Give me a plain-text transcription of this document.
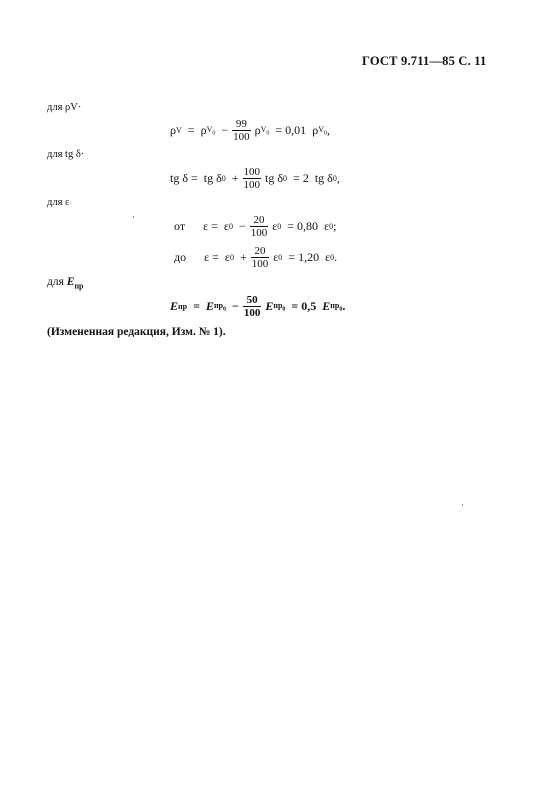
ГОСТ 9.711—85 С. 11
для ρV·
ρ V = ρ $V_0 - \frac{99}{100}$ ρ $V_0 = 0,01$ ρ $V_0$ ,
для tg δ·
tg δ = tg δ $0 + \frac{100}{100}$ tg δ 0 = 2 tg δ 0 ,
для ε
·
от ε = ε $0 - \frac{20}{100}$ ε 0 = 0,80 ε 0 ;
до ε = ε $0 + \frac{20}{100}$ ε 0 = 1,20 ε 0 .
для $E_{пр}$
E пр = E $пр_0 - \frac{50}{100}$ E $пр_0 = 0,5$ E $пр_0$ .
(Измененная редакция, Изм. № 1).
·
